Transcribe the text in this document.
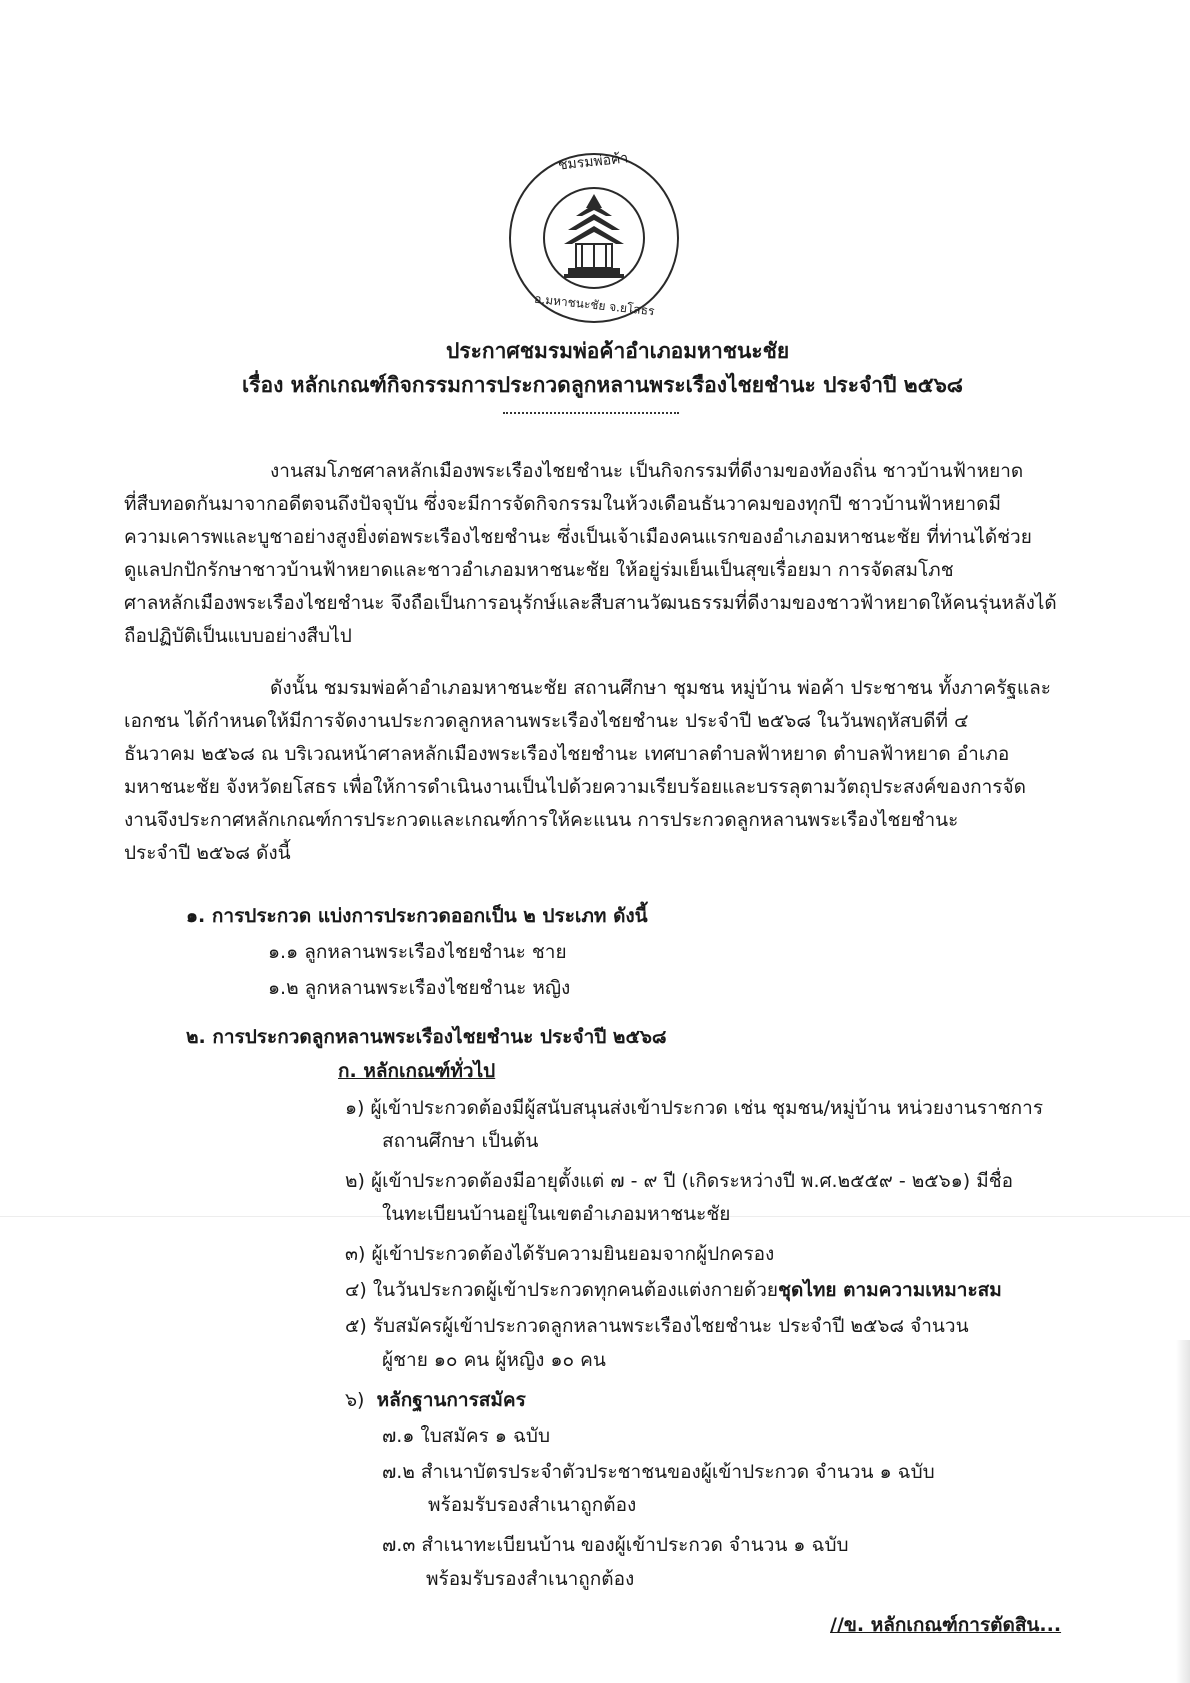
ชมรมพ่อค้า
อ.มหาชนะชัย จ.ยโสธร
ประกาศชมรมพ่อค้าอำเภอมหาชนะชัย
เรื่อง หลักเกณฑ์กิจกรรมการประกวดลูกหลานพระเรืองไชยชำนะ ประจำปี ๒๕๖๘
งานสมโภชศาลหลักเมืองพระเรืองไชยชำนะ เป็นกิจกรรมที่ดีงามของท้องถิ่น ชาวบ้านฟ้าหยาด
ที่สืบทอดกันมาจากอดีตจนถึงปัจจุบัน ซึ่งจะมีการจัดกิจกรรมในห้วงเดือนธันวาคมของทุกปี ชาวบ้านฟ้าหยาดมี
ความเคารพและบูชาอย่างสูงยิ่งต่อพระเรืองไชยชำนะ ซึ่งเป็นเจ้าเมืองคนแรกของอำเภอมหาชนะชัย ที่ท่านได้ช่วย
ดูแลปกปักรักษาชาวบ้านฟ้าหยาดและชาวอำเภอมหาชนะชัย ให้อยู่ร่มเย็นเป็นสุขเรื่อยมา การจัดสมโภช
ศาลหลักเมืองพระเรืองไชยชำนะ จึงถือเป็นการอนุรักษ์และสืบสานวัฒนธรรมที่ดีงามของชาวฟ้าหยาดให้คนรุ่นหลังได้
ถือปฏิบัติเป็นแบบอย่างสืบไป
ดังนั้น ชมรมพ่อค้าอำเภอมหาชนะชัย สถานศึกษา ชุมชน หมู่บ้าน พ่อค้า ประชาชน ทั้งภาครัฐและ
เอกชน ได้กำหนดให้มีการจัดงานประกวดลูกหลานพระเรืองไชยชำนะ ประจำปี ๒๕๖๘ ในวันพฤหัสบดีที่ ๔
ธันวาคม ๒๕๖๘ ณ บริเวณหน้าศาลหลักเมืองพระเรืองไชยชำนะ เทศบาลตำบลฟ้าหยาด ตำบลฟ้าหยาด อำเภอ
มหาชนะชัย จังหวัดยโสธร เพื่อให้การดำเนินงานเป็นไปด้วยความเรียบร้อยและบรรลุตามวัตถุประสงค์ของการจัด
งานจึงประกาศหลักเกณฑ์การประกวดและเกณฑ์การให้คะแนน การประกวดลูกหลานพระเรืองไชยชำนะ
ประจำปี ๒๕๖๘ ดังนี้
๑. การประกวด แบ่งการประกวดออกเป็น ๒ ประเภท ดังนี้
๑.๑ ลูกหลานพระเรืองไชยชำนะ ชาย
๑.๒ ลูกหลานพระเรืองไชยชำนะ หญิง
๒. การประกวดลูกหลานพระเรืองไชยชำนะ ประจำปี ๒๕๖๘
ก. หลักเกณฑ์ทั่วไป
๑) ผู้เข้าประกวดต้องมีผู้สนับสนุนส่งเข้าประกวด เช่น ชุมชน/หมู่บ้าน หน่วยงานราชการ
สถานศึกษา เป็นต้น
๒) ผู้เข้าประกวดต้องมีอายุตั้งแต่ ๗ - ๙ ปี (เกิดระหว่างปี พ.ศ.๒๕๕๙ - ๒๕๖๑) มีชื่อ
ในทะเบียนบ้านอยู่ในเขตอำเภอมหาชนะชัย
๓) ผู้เข้าประกวดต้องได้รับความยินยอมจากผู้ปกครอง
๔) ในวันประกวดผู้เข้าประกวดทุกคนต้องแต่งกายด้วยชุดไทย ตามความเหมาะสม
๕) รับสมัครผู้เข้าประกวดลูกหลานพระเรืองไชยชำนะ ประจำปี ๒๕๖๘ จำนวน
ผู้ชาย ๑๐ คน ผู้หญิง ๑๐ คน
๖) หลักฐานการสมัคร
๗.๑ ใบสมัคร ๑ ฉบับ
๗.๒ สำเนาบัตรประจำตัวประชาชนของผู้เข้าประกวด จำนวน ๑ ฉบับ
พร้อมรับรองสำเนาถูกต้อง
๗.๓ สำเนาทะเบียนบ้าน ของผู้เข้าประกวด จำนวน ๑ ฉบับ
พร้อมรับรองสำเนาถูกต้อง
//ข. หลักเกณฑ์การตัดสิน...
